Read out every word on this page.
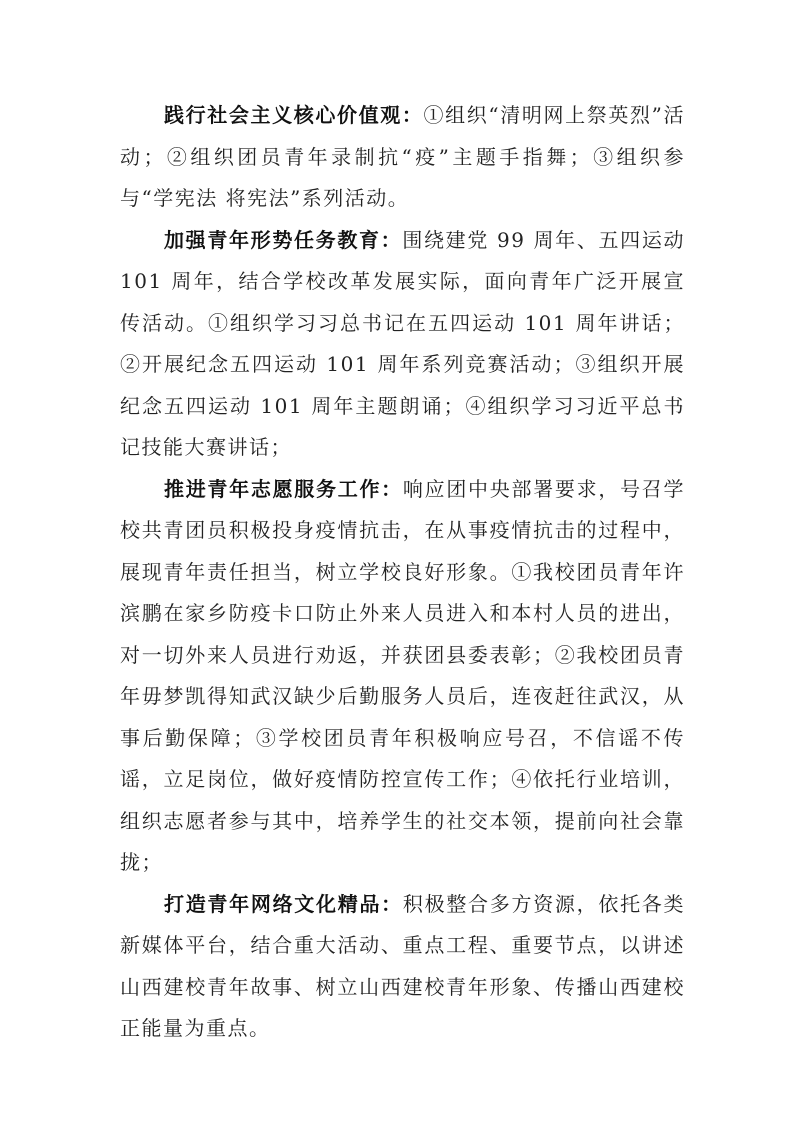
践行社会主义核心价值观：①组织“清明网上祭英烈”活动；②组织团员青年录制抗“疫”主题手指舞；③组织参与“学宪法 将宪法”系列活动。

加强青年形势任务教育：围绕建党 99 周年、五四运动 101 周年，结合学校改革发展实际，面向青年广泛开展宣传活动。①组织学习习总书记在五四运动 101 周年讲话；②开展纪念五四运动 101 周年系列竞赛活动；③组织开展纪念五四运动 101 周年主题朗诵；④组织学习习近平总书记技能大赛讲话；

推进青年志愿服务工作：响应团中央部署要求，号召学校共青团员积极投身疫情抗击，在从事疫情抗击的过程中，展现青年责任担当，树立学校良好形象。①我校团员青年许滨鹏在家乡防疫卡口防止外来人员进入和本村人员的进出，对一切外来人员进行劝返，并获团县委表彰；②我校团员青年毋梦凯得知武汉缺少后勤服务人员后，连夜赶往武汉，从事后勤保障；③学校团员青年积极响应号召，不信谣不传谣，立足岗位，做好疫情防控宣传工作；④依托行业培训，组织志愿者参与其中，培养学生的社交本领，提前向社会靠拢；

打造青年网络文化精品：积极整合多方资源，依托各类新媒体平台，结合重大活动、重点工程、重要节点，以讲述山西建校青年故事、树立山西建校青年形象、传播山西建校正能量为重点。
